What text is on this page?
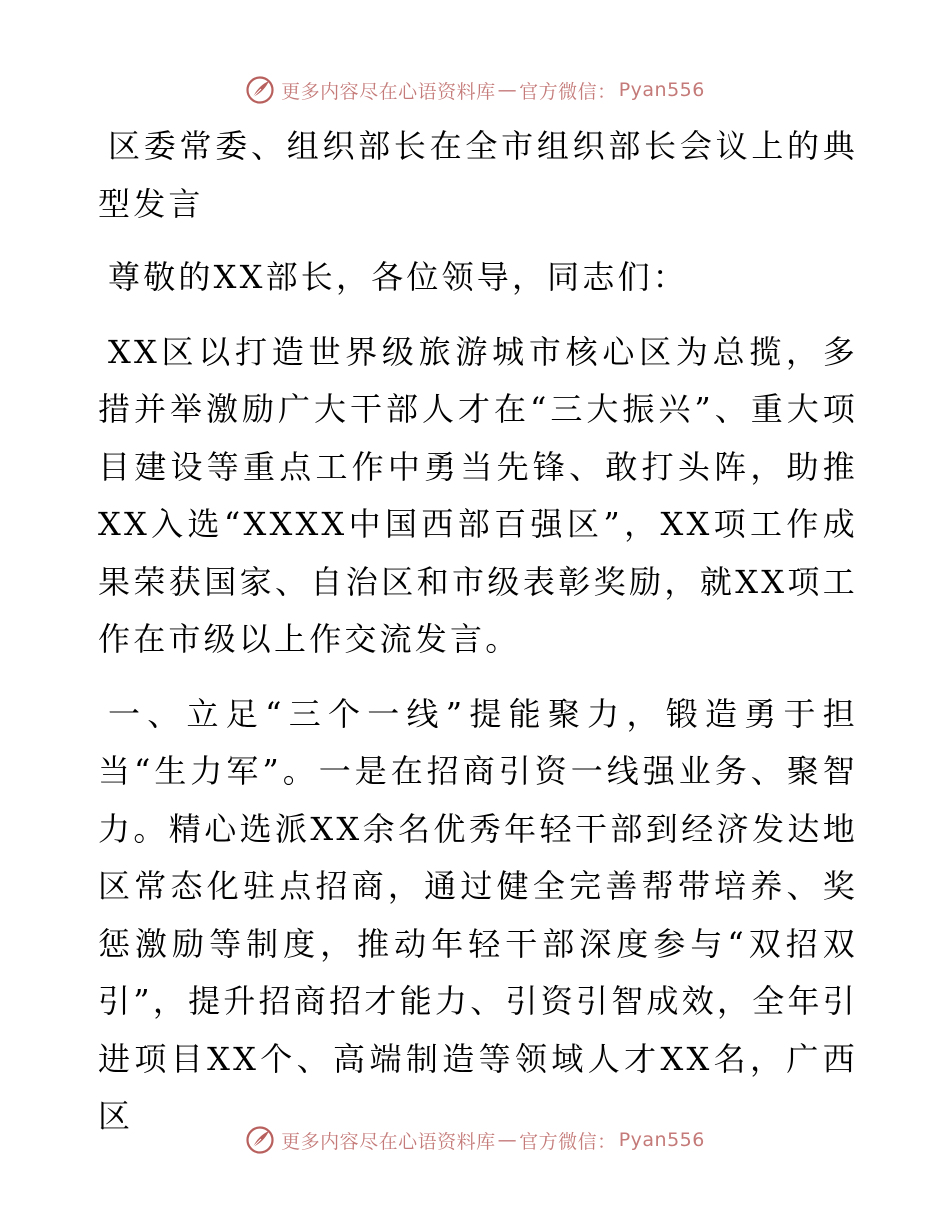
更多内容尽在心语资料库 — 官方微信： Pyan556

区委常委、组织部长在全市组织部长会议上的典型发言

尊敬的XX部长，各位领导，同志们：

XX区以打造世界级旅游城市核心区为总揽，多措并举激励广大干部人才在“三大振兴”、重大项目建设等重点工作中勇当先锋、敢打头阵，助推XX入选“XXXX中国西部百强区”，XX项工作成果荣获国家、自治区和市级表彰奖励，就XX项工作在市级以上作交流发言。

一、立足“三个一线”提能聚力，锻造勇于担当“生力军”。一是在招商引资一线强业务、聚智力。精心选派XX余名优秀年轻干部到经济发达地区常态化驻点招商，通过健全完善帮带培养、奖惩激励等制度，推动年轻干部深度参与“双招双引”，提升招商招才能力、引资引智成效，全年引进项目XX个、高端制造等领域人才XX名，广西区

更多内容尽在心语资料库 — 官方微信： Pyan556
